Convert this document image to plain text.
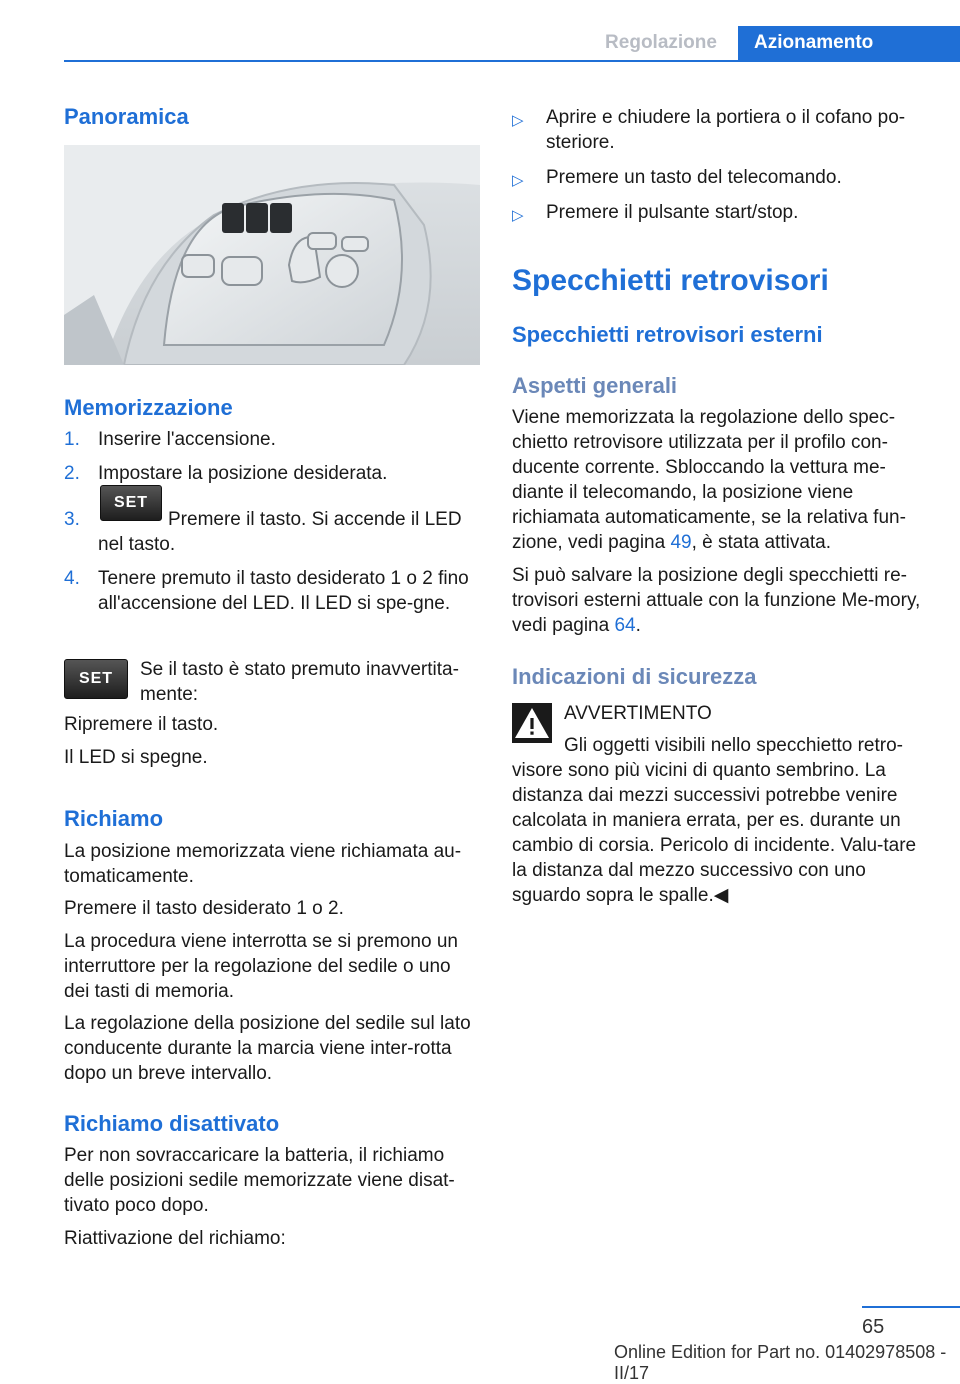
Regolazione	Azionamento
Panoramica
Memorizzazione
1. Inserire l'accensione.
2. Impostare la posizione desiderata.
3.
SET
Premere il tasto. Si accende il LED nel tasto.
4. Tenere premuto il tasto desiderato 1 o 2 fino all'accensione del LED. Il LED si spe‐gne.
SET	Se il tasto è stato premuto inavvertita‐mente:

Ripremere il tasto.

Il LED si spegne.

Richiamo

La posizione memorizzata viene richiamata au‐tomaticamente.

Premere il tasto desiderato 1 o 2.

La procedura viene interrotta se si premono un interruttore per la regolazione del sedile o uno dei tasti di memoria.

La regolazione della posizione del sedile sul lato conducente durante la marcia viene inter‐rotta dopo un breve intervallo.

Richiamo disattivato

Per non sovraccaricare la batteria, il richiamo delle posizioni sedile memorizzate viene disat‐tivato poco dopo.

Riattivazione del richiamo:

▷ Aprire e chiudere la portiera o il cofano po‐steriore.
▷ Premere un tasto del telecomando.
▷ Premere il pulsante start/stop.
Specchietti retrovisori
Specchietti retrovisori esterni
Aspetti generali

Viene memorizzata la regolazione dello spec‐chietto retrovisore utilizzata per il profilo con‐ducente corrente. Sbloccando la vettura me‐diante il telecomando, la posizione viene richiamata automaticamente, se la relativa fun‐zione, vedi pagina 49, è stata attivata.

Si può salvare la posizione degli specchietti re‐trovisori esterni attuale con la funzione Me‐mory, vedi pagina 64.

Indicazioni di sicurezza

AVVERTIMENTO

Gli oggetti visibili nello specchietto retro‐visore sono più vicini di quanto sembrino. La distanza dai mezzi successivi potrebbe venire calcolata in maniera errata, per es. durante un cambio di corsia. Pericolo di incidente. Valu‐tare la distanza dal mezzo successivo con uno sguardo sopra le spalle.◀

65
Online Edition for Part no. 01402978508 - II/17
